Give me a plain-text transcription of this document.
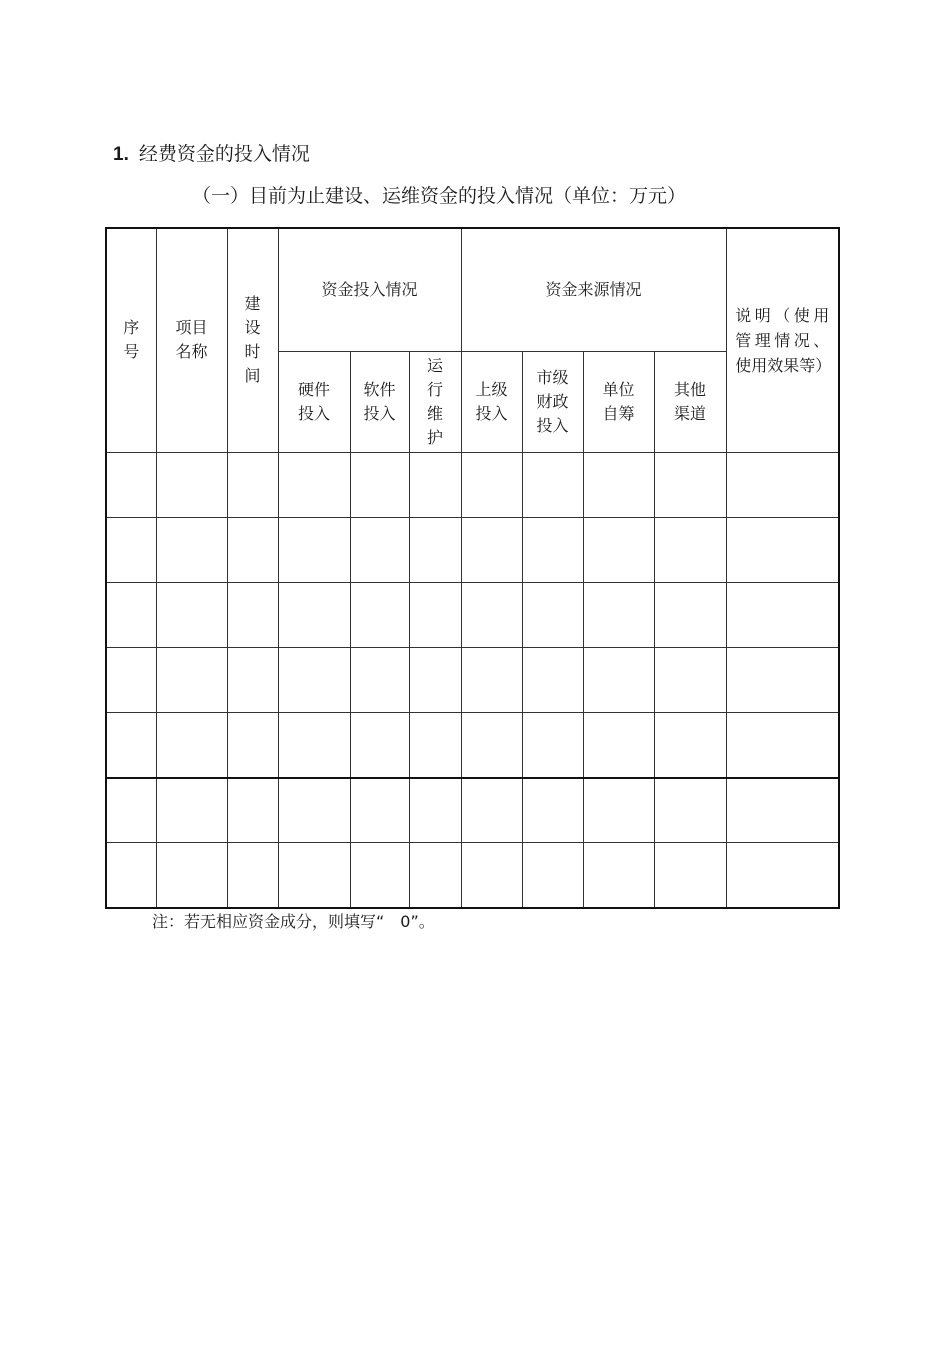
1. 经费资金的投入情况
（一）目前为止建设、运维资金的投入情况（单位：万元）
序号	项目名称	建设时间	资金投入情况			资金来源情况				说明（使用管理情况、使用效果等）
			硬件投入	软件投入	运行维护	上级投入	市级财政投入	单位自筹	其他渠道	

注：若无相应资金成分，则填写“　0”。
